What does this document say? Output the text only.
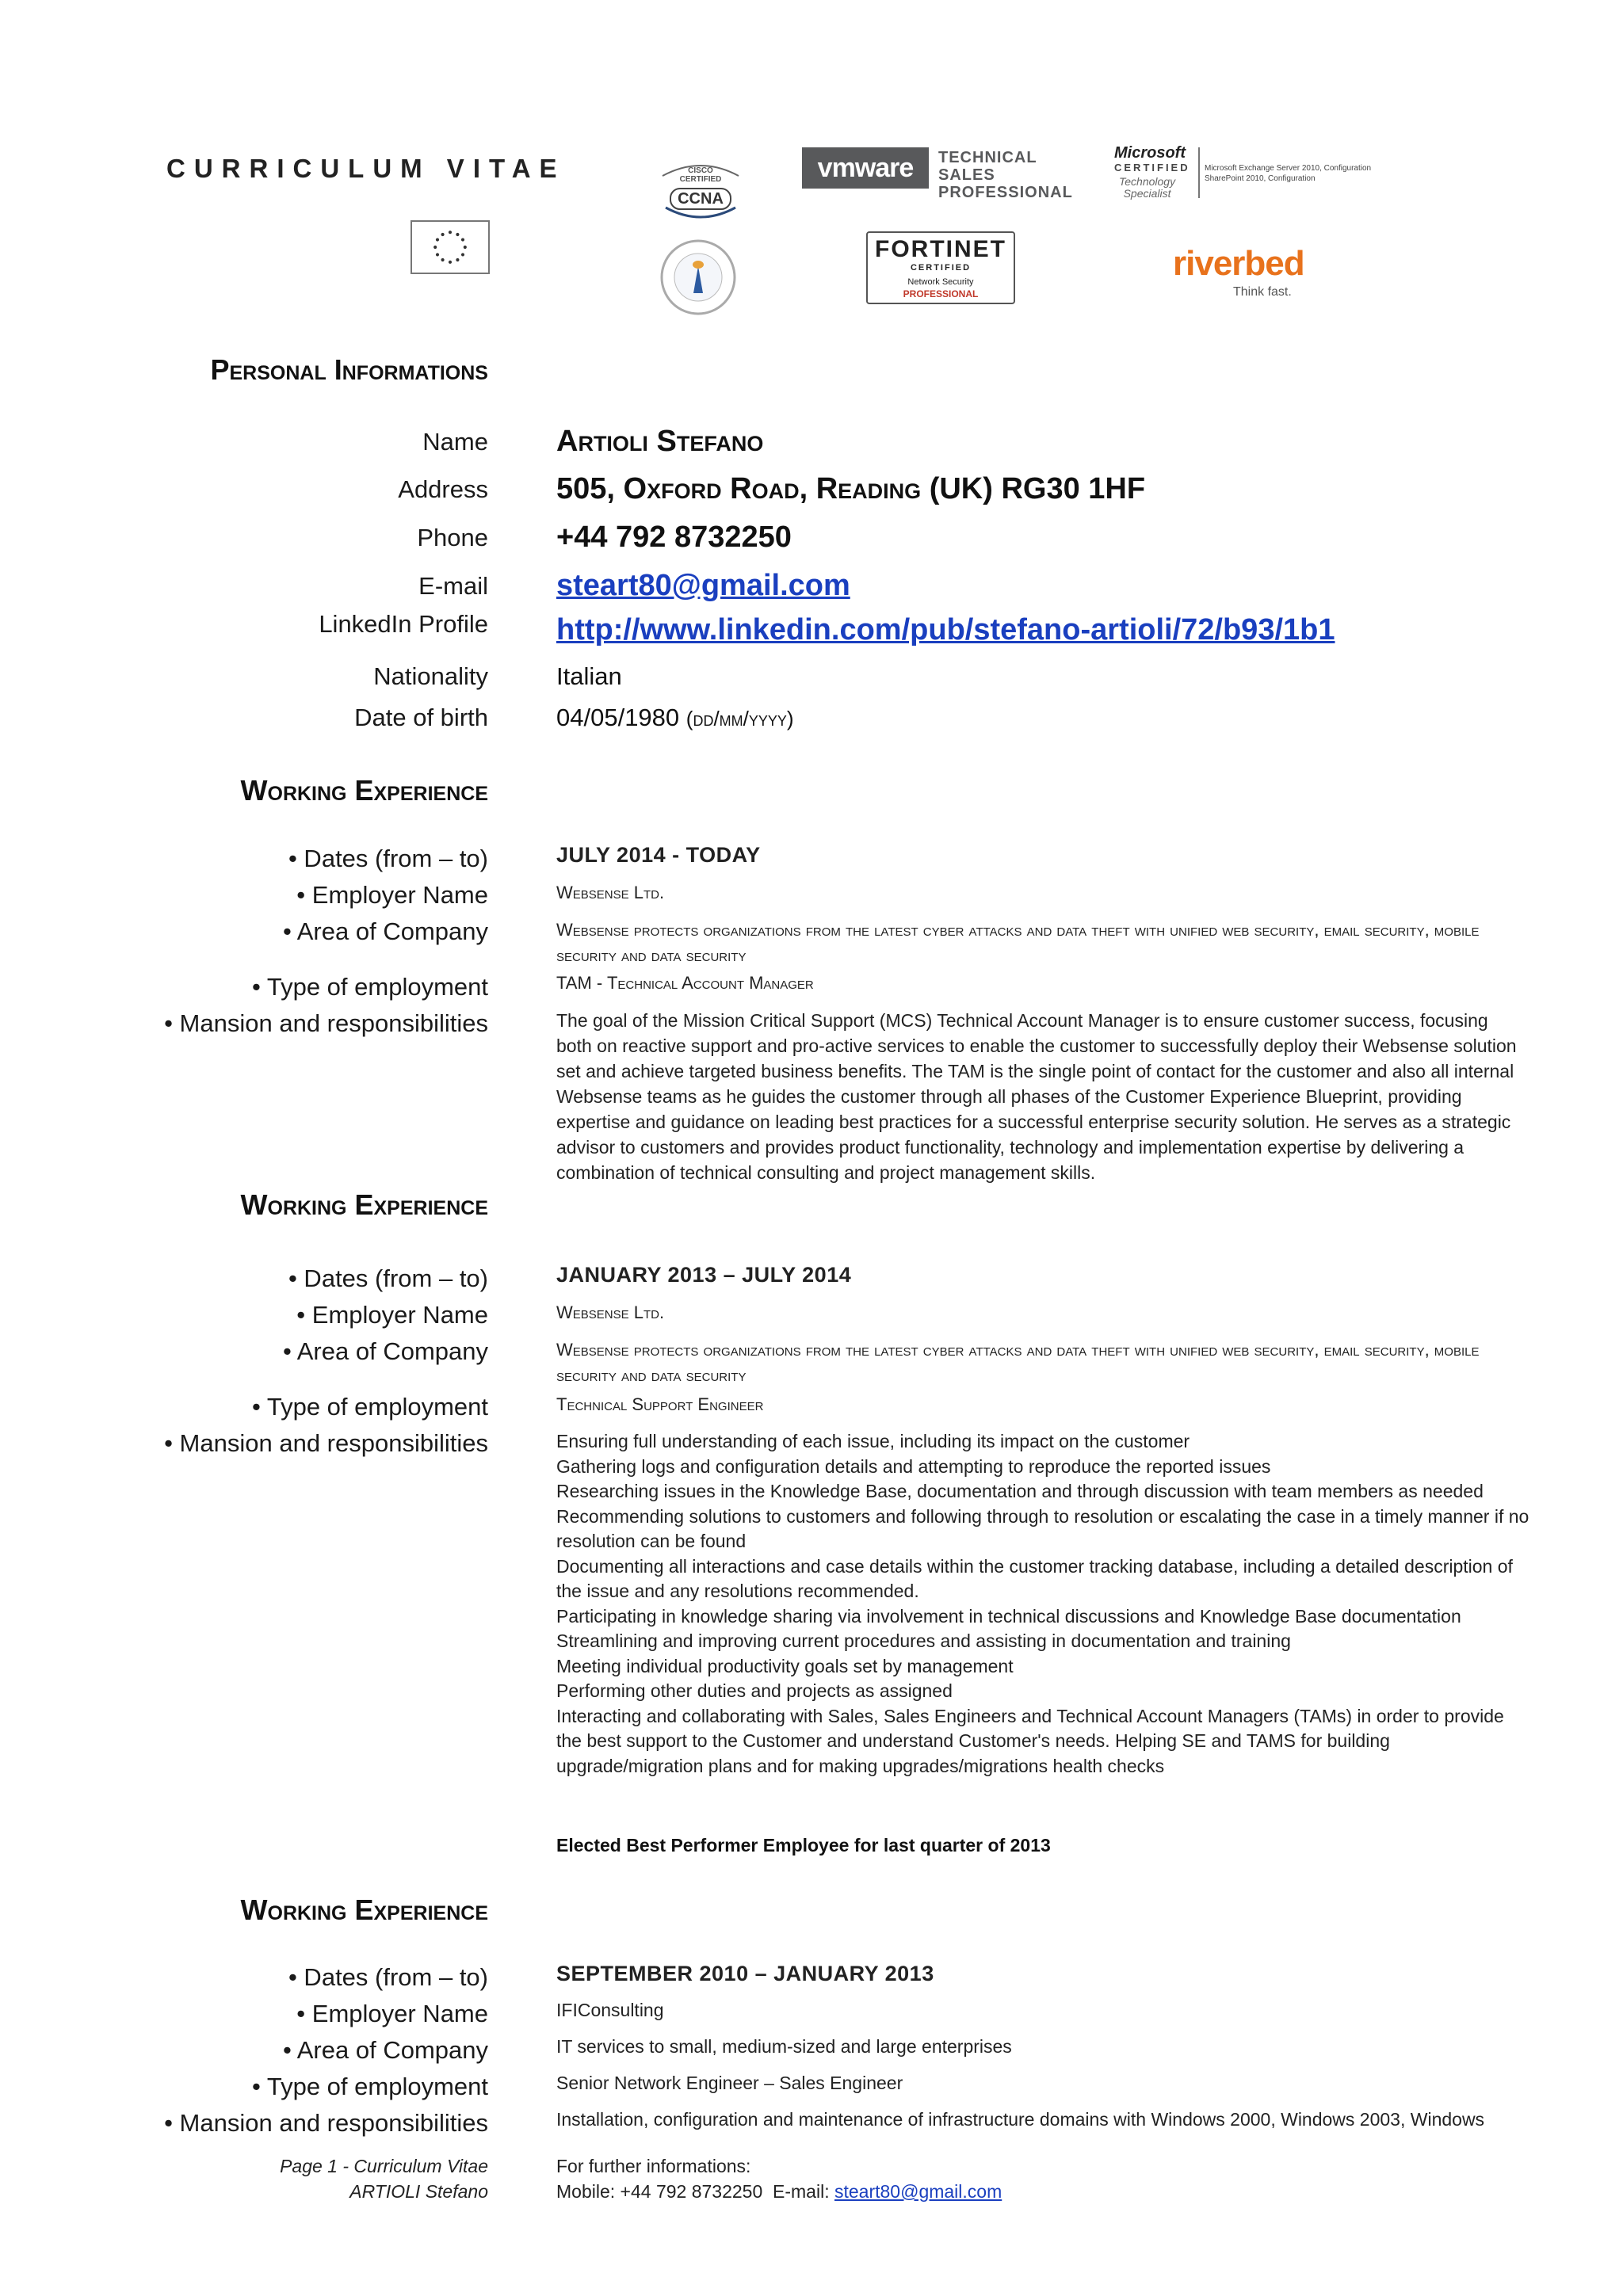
CURRICULUM VITAE	CISCO
CERTIFIED
CCNA
vmware	TECHNICAL SALES
PROFESSIONAL
Microsoft
CERTIFIED
Technology
Specialist
Microsoft Exchange Server 2010, Configuration
SharePoint 2010, Configuration
FORTINET
CERTIFIED
Network Security
PROFESSIONAL
riverbed
Think fast.
Personal Informations
Name Artioli Stefano
Address 505, Oxford Road, Reading (UK) RG30 1HF
Phone +44 792 8732250
E-mail steart80@gmail.com
LinkedIn Profile http://www.linkedin.com/pub/stefano-artioli/72/b93/1b1
Nationality	Italian
Date of birth	04/05/1980 (dd/mm/yyyy)
Working Experience
• Dates (from – to)	JULY 2014 - TODAY
• Employer Name	Websense Ltd.
• Area of Company	Websense protects organizations from the latest cyber attacks and data theft with unified web security, email security, mobile security and data security
• Type of employment	TAM - Technical Account Manager
• Mansion and responsibilities	The goal of the Mission Critical Support (MCS) Technical Account Manager is to ensure customer success, focusing both on reactive support and pro-active services to enable the customer to successfully deploy their Websense solution set and achieve targeted business benefits. The TAM is the single point of contact for the customer and also all internal Websense teams as he guides the customer through all phases of the Customer Experience Blueprint, providing expertise and guidance on leading best practices for a successful enterprise security solution. He serves as a strategic advisor to customers and provides product functionality, technology and implementation expertise by delivering a combination of technical consulting and project management skills.
Working Experience
• Dates (from – to)	JANUARY 2013 – JULY 2014
• Employer Name	Websense Ltd.
• Area of Company	Websense protects organizations from the latest cyber attacks and data theft with unified web security, email security, mobile security and data security
• Type of employment	Technical Support Engineer
• Mansion and responsibilities	Ensuring full understanding of each issue, including its impact on the customer
Gathering logs and configuration details and attempting to reproduce the reported issues
Researching issues in the Knowledge Base, documentation and through discussion with team members as needed
Recommending solutions to customers and following through to resolution or escalating the case in a timely manner if no resolution can be found
Documenting all interactions and case details within the customer tracking database, including a detailed description of the issue and any resolutions recommended.
Participating in knowledge sharing via involvement in technical discussions and Knowledge Base documentation
Streamlining and improving current procedures and assisting in documentation and training
Meeting individual productivity goals set by management
Performing other duties and projects as assigned
Interacting and collaborating with Sales, Sales Engineers and Technical Account Managers (TAMs) in order to provide the best support to the Customer and understand Customer's needs. Helping SE and TAMS for building upgrade/migration plans and for making upgrades/migrations health checks
Elected Best Performer Employee for last quarter of 2013
Working Experience
• Dates (from – to)	SEPTEMBER 2010 – JANUARY 2013
• Employer Name	IFIConsulting
• Area of Company	IT services to small, medium-sized and large enterprises
• Type of employment	Senior Network Engineer – Sales Engineer
• Mansion and responsibilities	Installation, configuration and maintenance of infrastructure domains with Windows 2000, Windows 2003, Windows
Page 1 - Curriculum Vitae
ARTIOLI Stefano
For further informations:
Mobile: +44 792 8732250  E-mail: steart80@gmail.com
